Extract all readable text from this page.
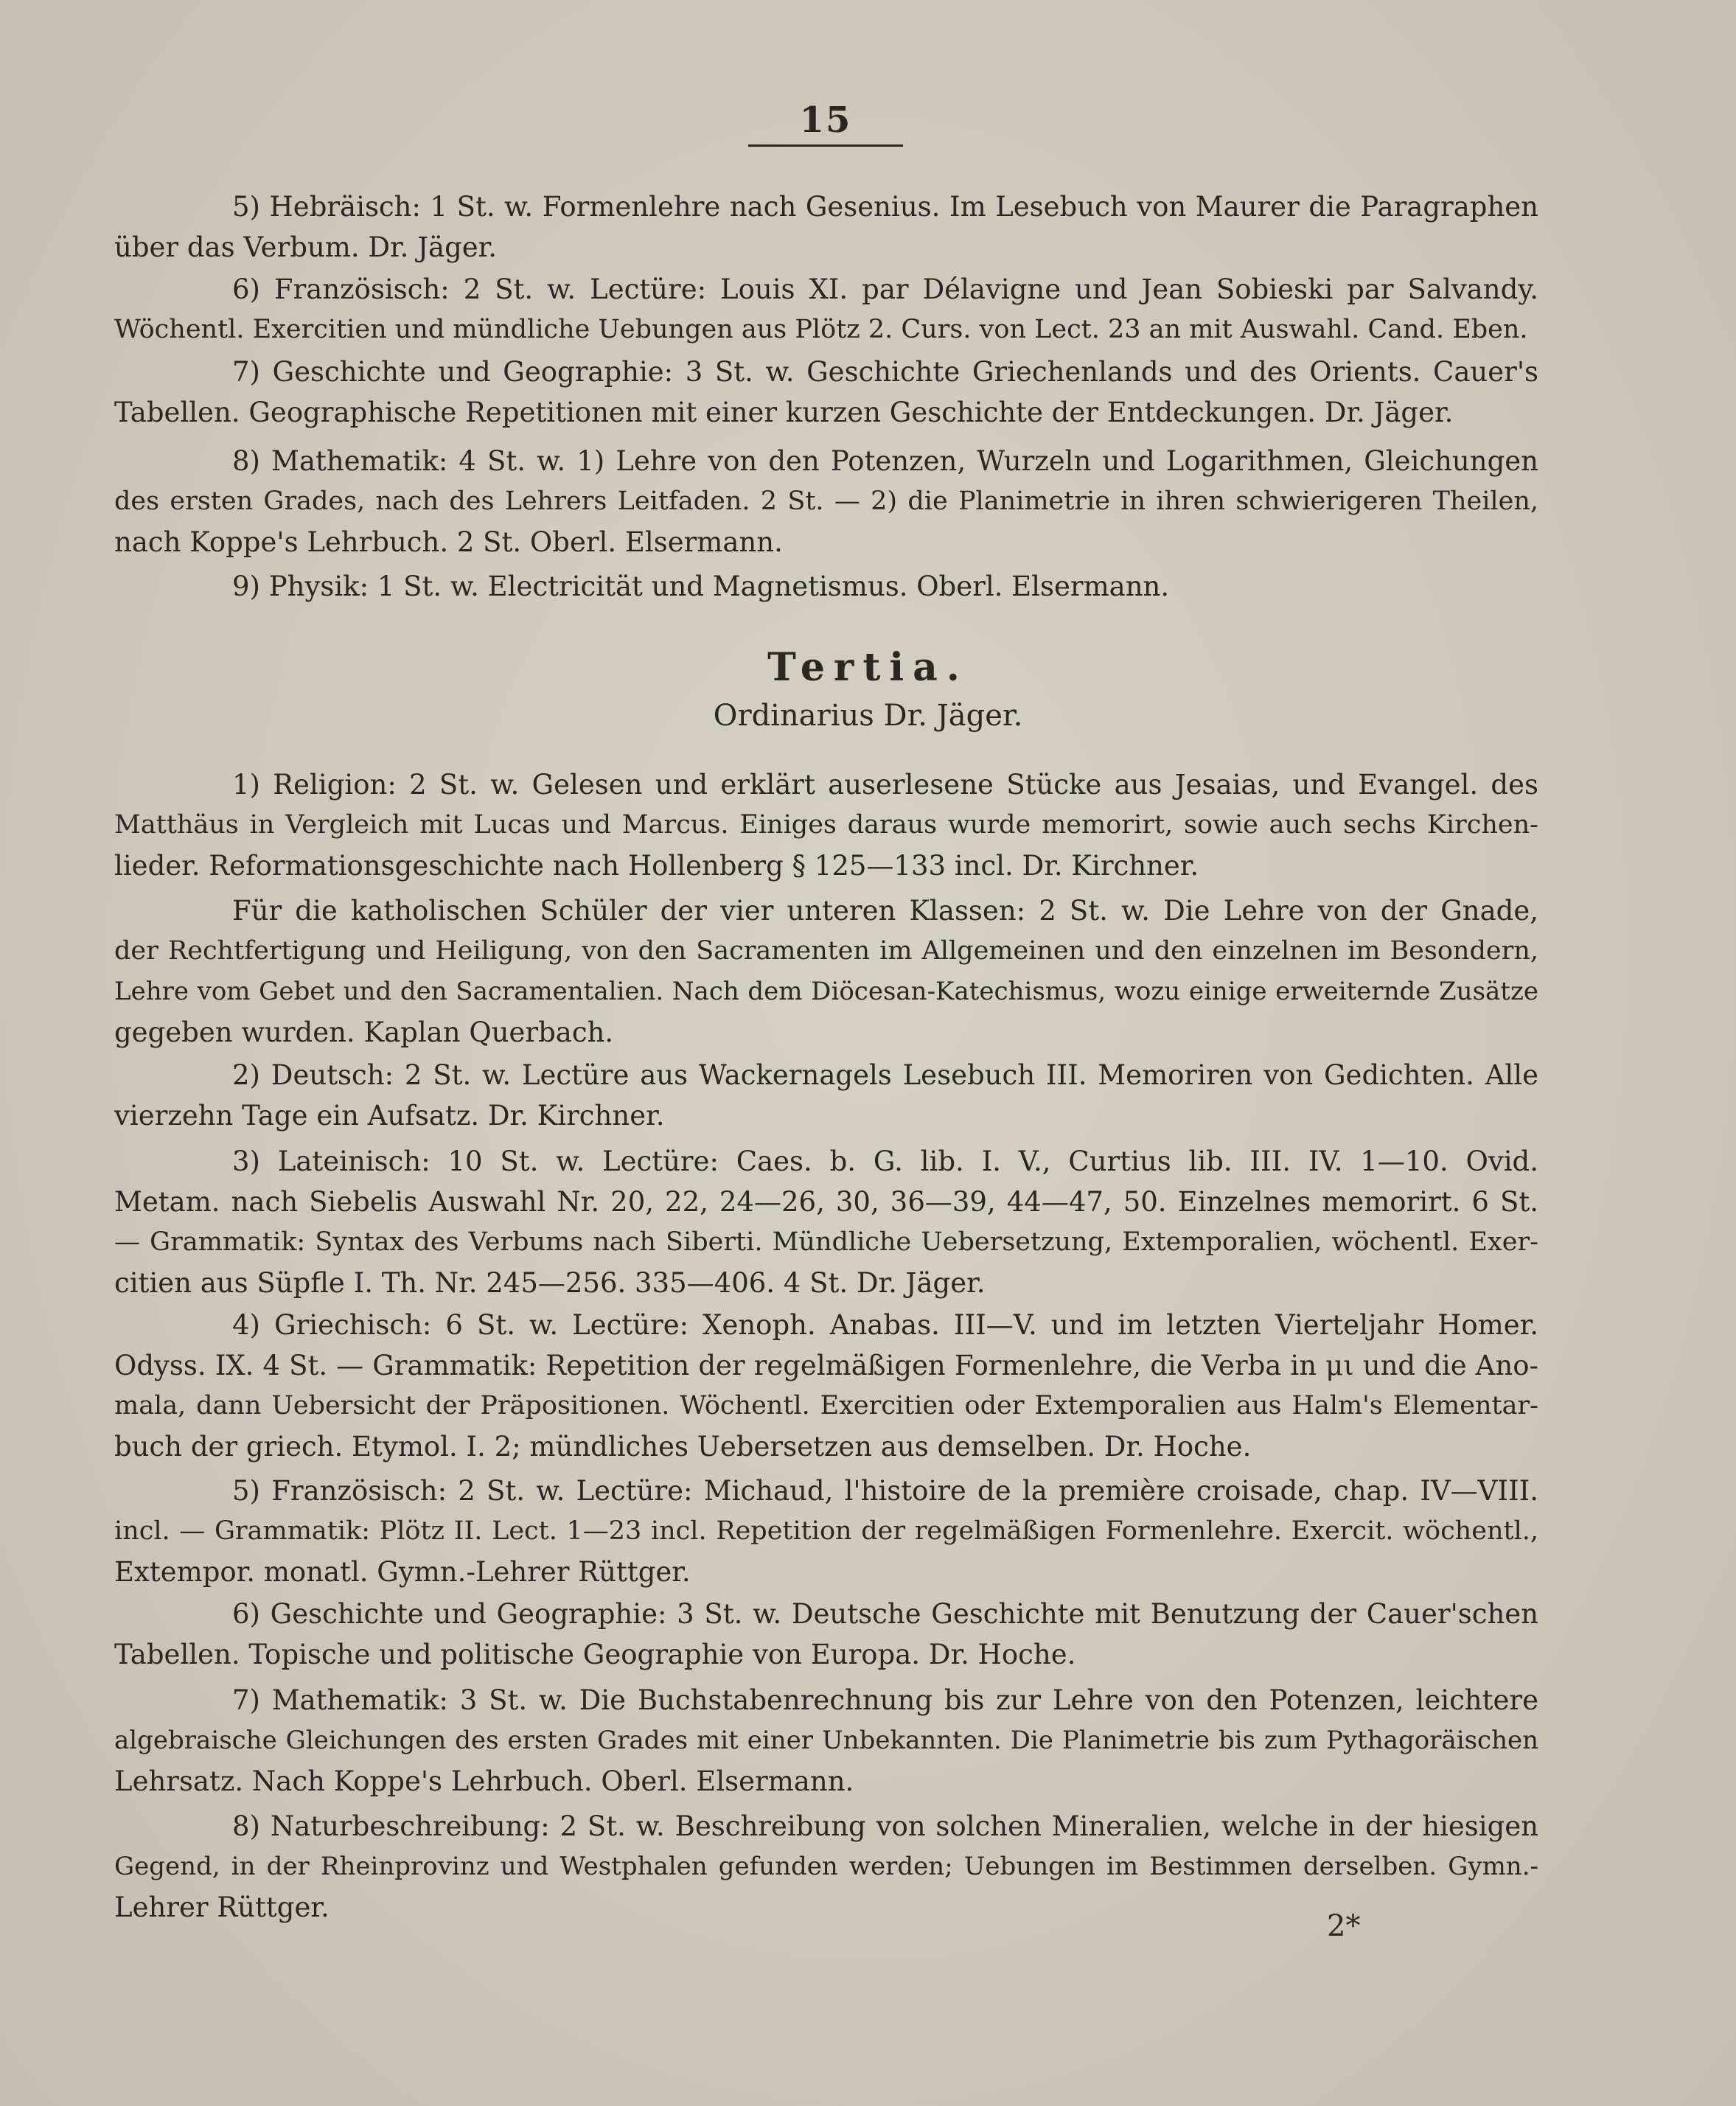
15
5) Hebräisch: 1 St. w. Formenlehre nach Gesenius. Im Lesebuch von Maurer die Paragraphen
über das Verbum. Dr. Jäger.
6) Französisch: 2 St. w. Lectüre: Louis XI. par Délavigne und Jean Sobieski par Salvandy.
Wöchentl. Exercitien und mündliche Uebungen aus Plötz 2. Curs. von Lect. 23 an mit Auswahl. Cand. Eben.
7) Geschichte und Geographie: 3 St. w. Geschichte Griechenlands und des Orients. Cauer's
Tabellen. Geographische Repetitionen mit einer kurzen Geschichte der Entdeckungen. Dr. Jäger.
8) Mathematik: 4 St. w. 1) Lehre von den Potenzen, Wurzeln und Logarithmen, Gleichungen
des ersten Grades, nach des Lehrers Leitfaden. 2 St. — 2) die Planimetrie in ihren schwierigeren Theilen,
nach Koppe's Lehrbuch. 2 St. Oberl. Elsermann.
9) Physik: 1 St. w. Electricität und Magnetismus. Oberl. Elsermann.
Tertia.
Ordinarius Dr. Jäger.
1) Religion: 2 St. w. Gelesen und erklärt auserlesene Stücke aus Jesaias, und Evangel. des
Matthäus in Vergleich mit Lucas und Marcus. Einiges daraus wurde memorirt, sowie auch sechs Kirchen-
lieder. Reformationsgeschichte nach Hollenberg § 125—133 incl. Dr. Kirchner.
Für die katholischen Schüler der vier unteren Klassen: 2 St. w. Die Lehre von der Gnade,
der Rechtfertigung und Heiligung, von den Sacramenten im Allgemeinen und den einzelnen im Besondern,
Lehre vom Gebet und den Sacramentalien. Nach dem Diöcesan-Katechismus, wozu einige erweiternde Zusätze
gegeben wurden. Kaplan Querbach.
2) Deutsch: 2 St. w. Lectüre aus Wackernagels Lesebuch III. Memoriren von Gedichten. Alle
vierzehn Tage ein Aufsatz. Dr. Kirchner.
3) Lateinisch: 10 St. w. Lectüre: Caes. b. G. lib. I. V., Curtius lib. III. IV. 1—10. Ovid.
Metam. nach Siebelis Auswahl Nr. 20, 22, 24—26, 30, 36—39, 44—47, 50. Einzelnes memorirt. 6 St.
— Grammatik: Syntax des Verbums nach Siberti. Mündliche Uebersetzung, Extemporalien, wöchentl. Exer-
citien aus Süpfle I. Th. Nr. 245—256. 335—406. 4 St. Dr. Jäger.
4) Griechisch: 6 St. w. Lectüre: Xenoph. Anabas. III—V. und im letzten Vierteljahr Homer.
Odyss. IX. 4 St. — Grammatik: Repetition der regelmäßigen Formenlehre, die Verba in μι und die Ano-
mala, dann Uebersicht der Präpositionen. Wöchentl. Exercitien oder Extemporalien aus Halm's Elementar-
buch der griech. Etymol. I. 2; mündliches Uebersetzen aus demselben. Dr. Hoche.
5) Französisch: 2 St. w. Lectüre: Michaud, l'histoire de la première croisade, chap. IV—VIII.
incl. — Grammatik: Plötz II. Lect. 1—23 incl. Repetition der regelmäßigen Formenlehre. Exercit. wöchentl.,
Extempor. monatl. Gymn.-Lehrer Rüttger.
6) Geschichte und Geographie: 3 St. w. Deutsche Geschichte mit Benutzung der Cauer'schen
Tabellen. Topische und politische Geographie von Europa. Dr. Hoche.
7) Mathematik: 3 St. w. Die Buchstabenrechnung bis zur Lehre von den Potenzen, leichtere
algebraische Gleichungen des ersten Grades mit einer Unbekannten. Die Planimetrie bis zum Pythagoräischen
Lehrsatz. Nach Koppe's Lehrbuch. Oberl. Elsermann.
8) Naturbeschreibung: 2 St. w. Beschreibung von solchen Mineralien, welche in der hiesigen
Gegend, in der Rheinprovinz und Westphalen gefunden werden; Uebungen im Bestimmen derselben. Gymn.-
Lehrer Rüttger.
2*
